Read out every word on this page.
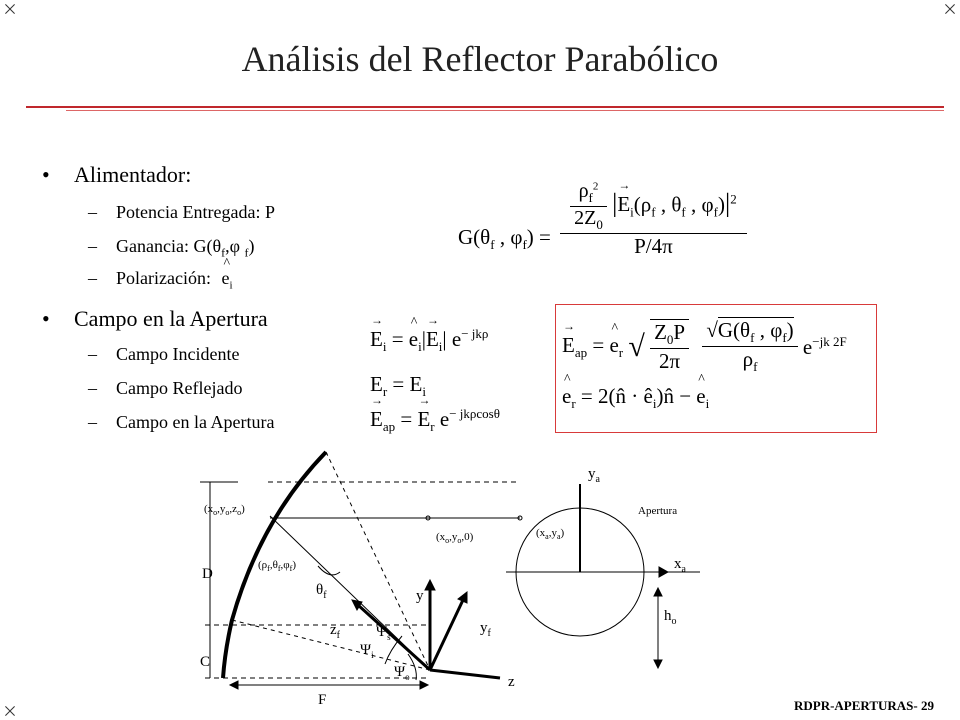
Análisis del Reflector Parabólico
• Alimentador:
– Potencia Entregada: P
– Ganancia: $G(\theta_f,\varphi$ $_f$)
– Polarización: ^ $e_i$
• Campo en la Apertura
– Campo Incidente
– Campo Reflejado
– Campo en la Apertura
$G(\theta_f$ , $\varphi_f) = \frac{\frac{\rho_f^2}{2Z_0} |\to E_i(\rho_f , \theta_f , \varphi_f)|^2}{P/4\pi}$
→ $E_i$ = ^ $e_i|\to E_i|$ $e^{- jk\rho}$
$E_r = E_i$
→ $E_{ap}$ = → $E_r$ $e^{- jk\rho cos\theta}$
→ $E_{ap}$ = ^ $e_r$ √ $\frac{Z_0P}{2\pi}$
$\frac{√G(\theta_f , \varphi_f)}{\rho_f} e^{-jk 2F}$
^ $e_r$ = 2(n̂ · $ê_i)n̂$ − ^ $e_i$
$(x_o,y_o,z_o)$
$(x_o,y_o,0)$	$(x_a,y_a)$
Apertura
$(\rho_f,\theta_f,\varphi_f)$
D
C
F
y
z
$y_a$
$x_a$
$h_o$
$y_f$
$z_f$
$\theta_f$
$\Psi_s$
$\Psi_i$
$\Psi_o$
RDPR-APERTURAS- 29
